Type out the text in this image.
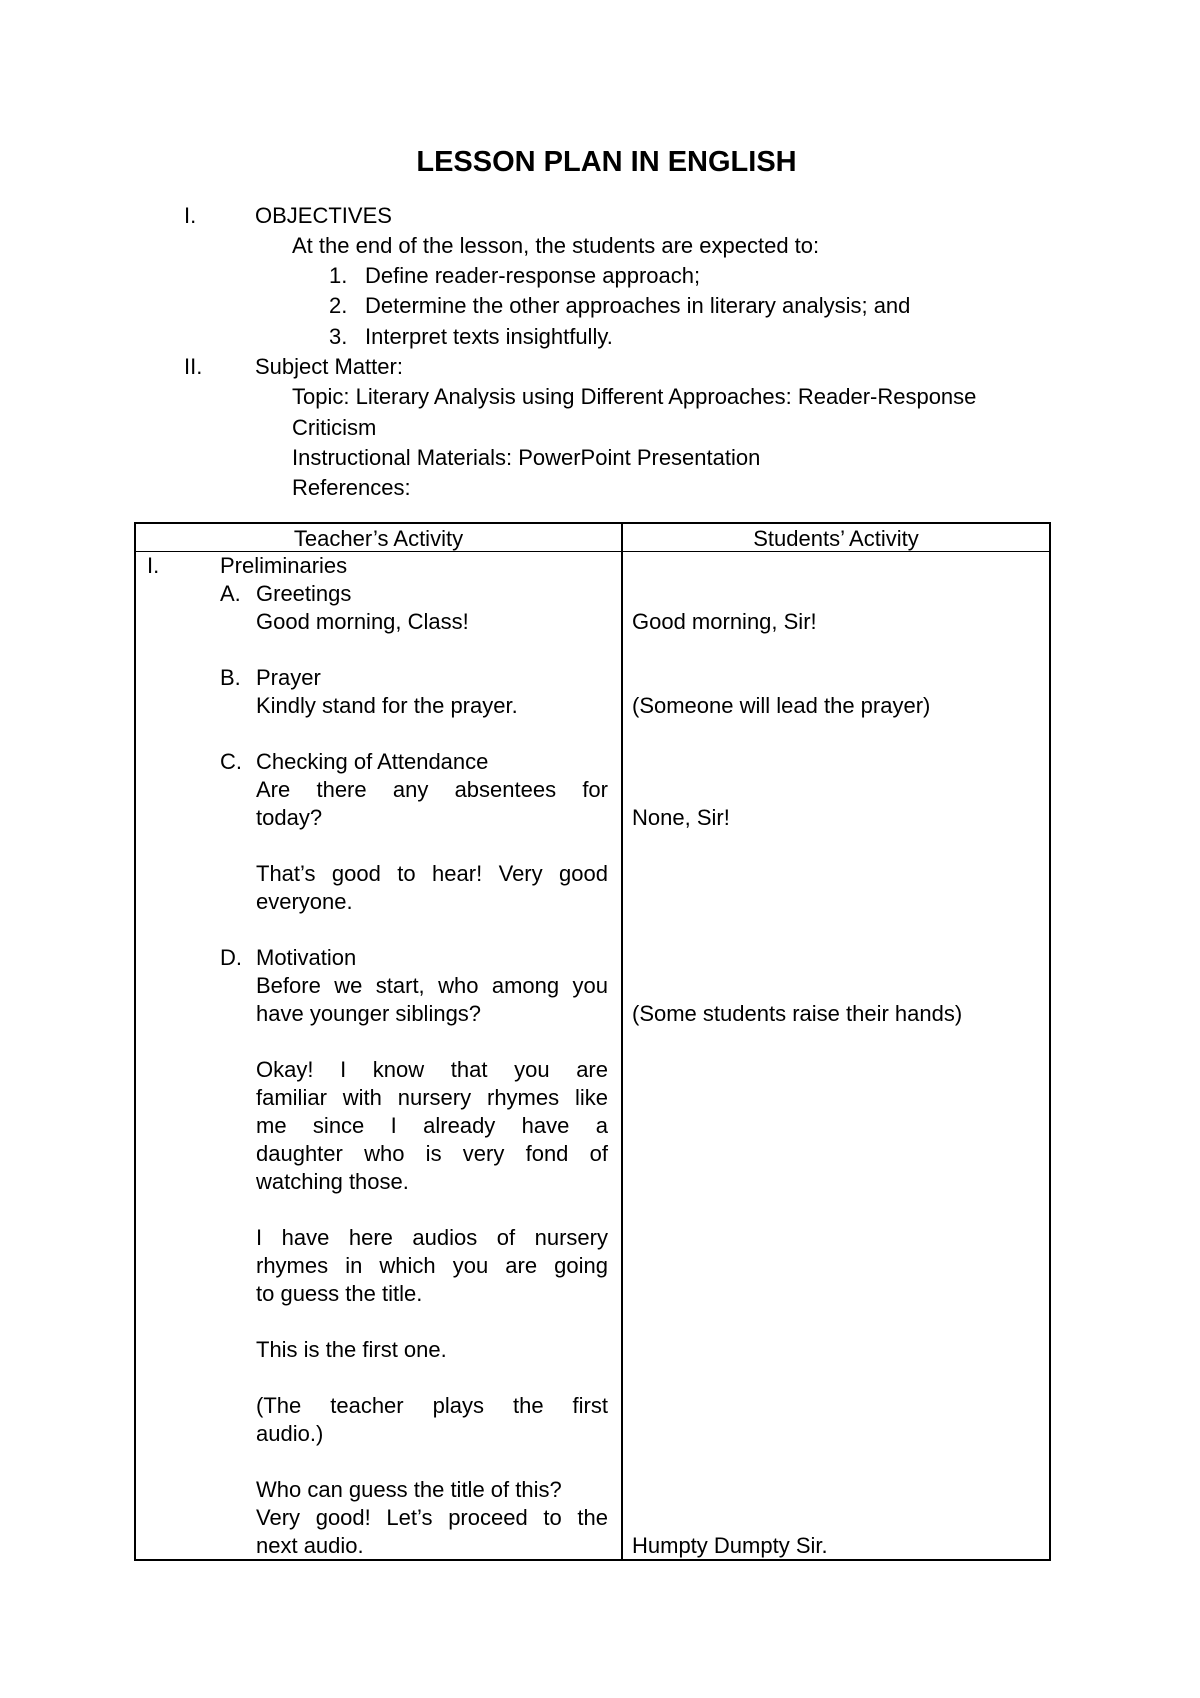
LESSON PLAN IN ENGLISH
I.	OBJECTIVES
At the end of the lesson, the students are expected to:
1. Define reader-response approach;
2. Determine the other approaches in literary analysis; and
3. Interpret texts insightfully.
II. Subject Matter:
Topic: Literary Analysis using Different Approaches: Reader-Response
Criticism
Instructional Materials: PowerPoint Presentation
References:
Teacher’s Activity	Students’ Activity
I.	Preliminaries
A. Greetings
Good morning, Class!	Good morning, Sir!
B. Prayer
Kindly stand for the prayer.	(Someone will lead the prayer)
C. Checking of Attendance
Are there any absentees for
today?	None, Sir!
That’s good to hear! Very good
everyone.
D. Motivation
Before we start, who among you
have younger siblings?	(Some students raise their hands)
Okay! I know that you are
familiar with nursery rhymes like
me since I already have a
daughter who is very fond of
watching those.
I have here audios of nursery
rhymes in which you are going
to guess the title.
This is the first one.
(The teacher plays the first
audio.)
Who can guess the title of this?
Very good! Let’s proceed to the
next audio.	Humpty Dumpty Sir.
